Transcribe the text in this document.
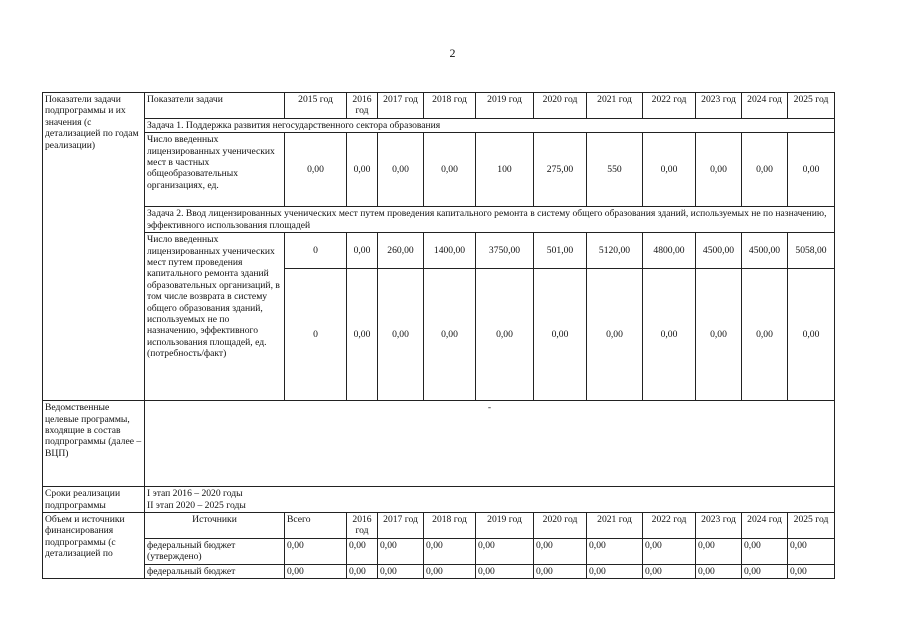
2
Показатели задачи подпрограммы и их значения (с детализацией по годам реализации)	Показатели задачи	2015 год	2016 год	2017 год	2018 год	2019 год	2020 год	2021 год	2022 год	2023 год	2024 год	2025 год
	Задача 1. Поддержка развития негосударственного сектора образования											
	Число введенных лицензированных ученических мест в частных общеобразовательных организациях, ед.	0,00	0,00	0,00	0,00	100	275,00	550	0,00	0,00	0,00	0,00
	Задача 2. Ввод лицензированных ученических мест путем проведения капитального ремонта в систему общего образования зданий, используемых не по назначению, эффективного использования площадей											
	Число введенных лицензированных ученических мест путем проведения капитального ремонта зданий образовательных организаций, в том числе возврата в систему общего образования зданий, используемых не по назначению, эффективного использования площадей, ед. (потребность/факт)	0	0,00	260,00	1400,00	3750,00	501,00	5120,00	4800,00	4500,00	4500,00	5058,00
		0	0,00	0,00	0,00	0,00	0,00	0,00	0,00	0,00	0,00	0,00
Ведомственные целевые программы, входящие в состав подпрограммы (далее – ВЦП)	-											
Сроки реализации подпрограммы	I этап 2016 – 2020 годы
II этап 2020 – 2025 годы											

Объем и источники финансирования подпрограммы (с детализацией по	Источники	Всего	2016 год	2017 год	2018 год	2019 год	2020 год	2021 год	2022 год	2023 год	2024 год	2025 год
	федеральный бюджет (утверждено)	0,00	0,00	0,00	0,00	0,00	0,00	0,00	0,00	0,00	0,00	0,00
	федеральный бюджет	0,00	0,00	0,00	0,00	0,00	0,00	0,00	0,00	0,00	0,00	0,00
